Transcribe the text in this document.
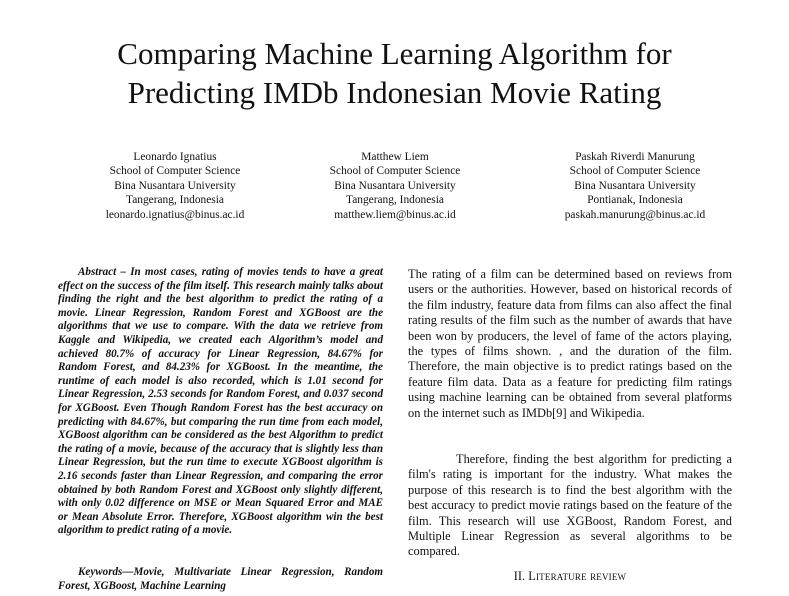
Comparing Machine Learning Algorithm for
Predicting IMDb Indonesian Movie Rating
Leonardo Ignatius
School of Computer Science
Bina Nusantara University
Tangerang, Indonesia
leonardo.ignatius@binus.ac.id
Matthew Liem
School of Computer Science
Bina Nusantara University
Tangerang, Indonesia
matthew.liem@binus.ac.id
Paskah Riverdi Manurung
School of Computer Science
Bina Nusantara University
Pontianak, Indonesia
paskah.manurung@binus.ac.id

Abstract – In most cases, rating of movies tends to have a great effect on the success of the film itself. This research mainly talks about finding the right and the best algorithm to predict the rating of a movie. Linear Regression, Random Forest and XGBoost are the algorithms that we use to compare. With the data we retrieve from Kaggle and Wikipedia, we created each Algorithm’s model and achieved 80.7% of accuracy for Linear Regression, 84.67% for Random Forest, and 84.23% for XGBoost. In the meantime, the runtime of each model is also recorded, which is 1.01 second for Linear Regression, 2.53 seconds for Random Forest, and 0.037 second for XGBoost. Even Though Random Forest has the best accuracy on predicting with 84.67%, but comparing the run time from each model, XGBoost algorithm can be considered as the best Algorithm to predict the rating of a movie, because of the accuracy that is slightly less than Linear Regression, but the run time to execute XGBoost algorithm is 2.16 seconds faster than Linear Regression, and comparing the error obtained by both Random Forest and XGBoost only slightly different, with only 0.02 difference on MSE or Mean Squared Error and MAE or Mean Absolute Error. Therefore, XGBoost algorithm win the best algorithm to predict rating of a movie.

Keywords—Movie, Multivariate Linear Regression, Random Forest, XGBoost, Machine Learning

The rating of a film can be determined based on reviews from users or the authorities. However, based on historical records of the film industry, feature data from films can also affect the final rating results of the film such as the number of awards that have been won by producers, the level of fame of the actors playing, the types of films shown. , and the duration of the film. Therefore, the main objective is to predict ratings based on the feature film data. Data as a feature for predicting film ratings using machine learning can be obtained from several platforms on the internet such as IMDb[9] and Wikipedia.

Therefore, finding the best algorithm for predicting a film's rating is important for the industry. What makes the purpose of this research is to find the best algorithm with the best accuracy to predict movie ratings based on the feature of the film. This research will use XGBoost, Random Forest, and Multiple Linear Regression as several algorithms to be compared.

II. Literature review
